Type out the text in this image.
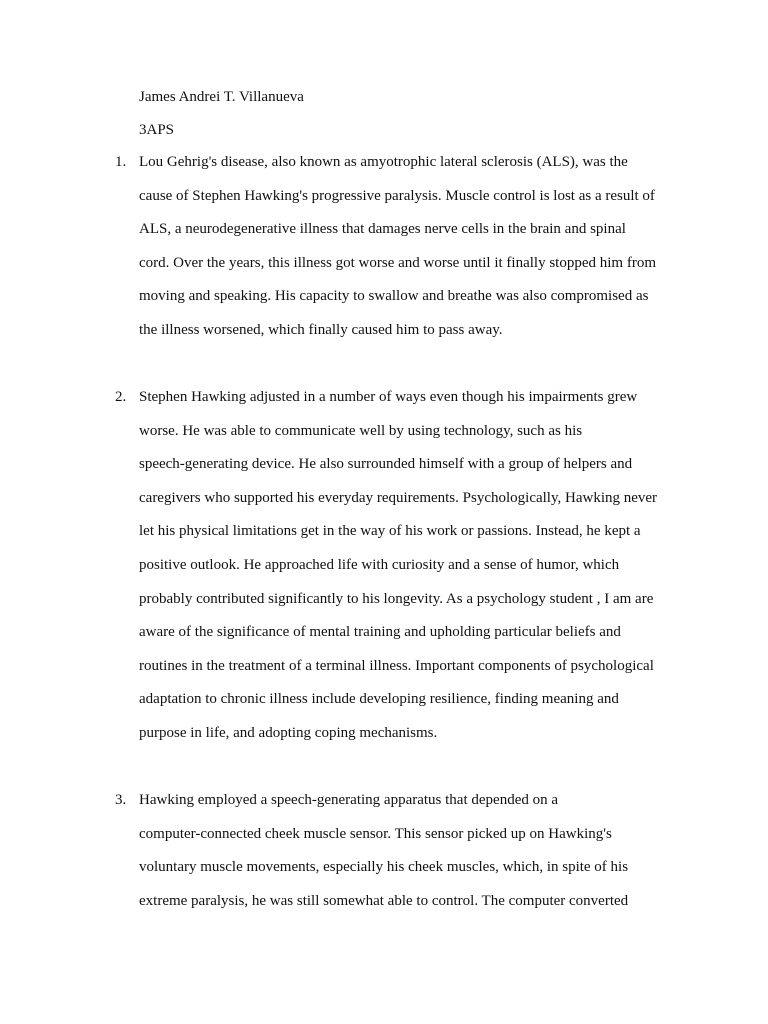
James Andrei T. Villanueva
3APS
1. Lou Gehrig's disease, also known as amyotrophic lateral sclerosis (ALS), was the
cause of Stephen Hawking's progressive paralysis. Muscle control is lost as a result of
ALS, a neurodegenerative illness that damages nerve cells in the brain and spinal
cord. Over the years, this illness got worse and worse until it finally stopped him from
moving and speaking. His capacity to swallow and breathe was also compromised as
the illness worsened, which finally caused him to pass away.
2. Stephen Hawking adjusted in a number of ways even though his impairments grew
worse. He was able to communicate well by using technology, such as his
speech-generating device. He also surrounded himself with a group of helpers and
caregivers who supported his everyday requirements. Psychologically, Hawking never
let his physical limitations get in the way of his work or passions. Instead, he kept a
positive outlook. He approached life with curiosity and a sense of humor, which
probably contributed significantly to his longevity. As a psychology student , I am are
aware of the significance of mental training and upholding particular beliefs and
routines in the treatment of a terminal illness. Important components of psychological
adaptation to chronic illness include developing resilience, finding meaning and
purpose in life, and adopting coping mechanisms.
3. Hawking employed a speech-generating apparatus that depended on a
computer-connected cheek muscle sensor. This sensor picked up on Hawking's
voluntary muscle movements, especially his cheek muscles, which, in spite of his
extreme paralysis, he was still somewhat able to control. The computer converted
